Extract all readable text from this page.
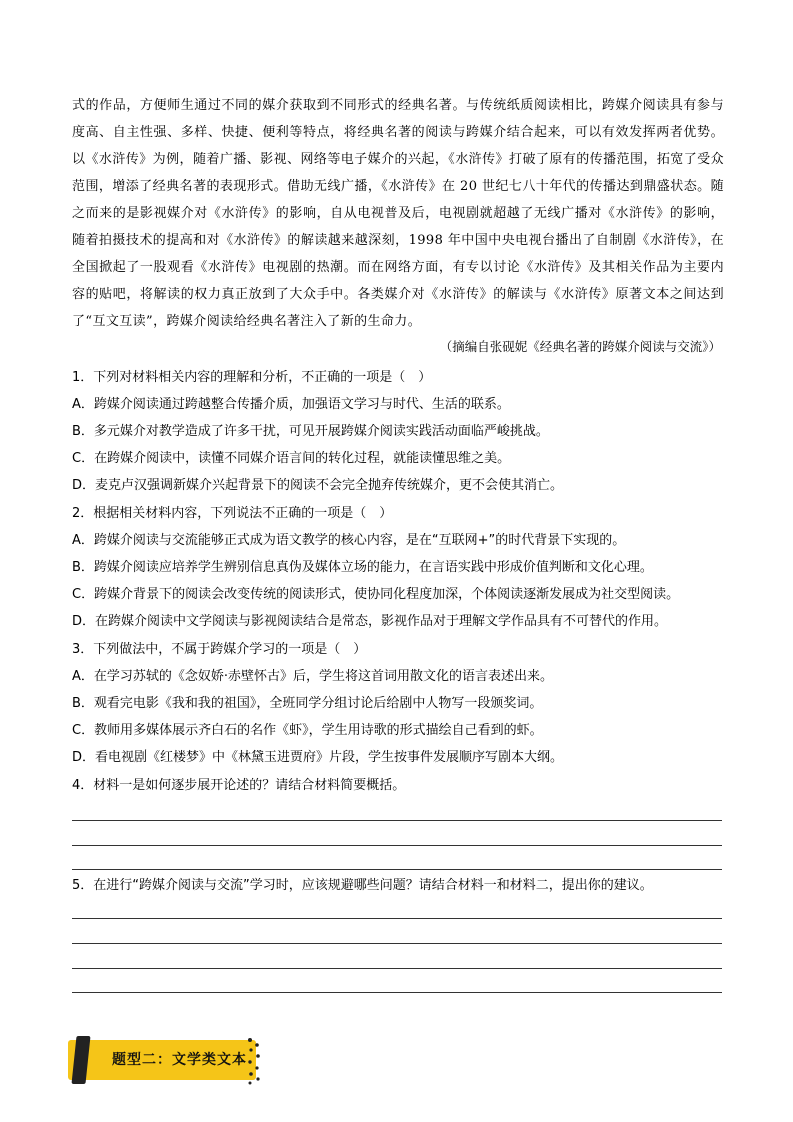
式的作品，方便师生通过不同的媒介获取到不同形式的经典名著。与传统纸质阅读相比，跨媒介阅读具有参与度高、自主性强、多样、快捷、便利等特点，将经典名著的阅读与跨媒介结合起来，可以有效发挥两者优势。以《水浒传》为例，随着广播、影视、网络等电子媒介的兴起，《水浒传》打破了原有的传播范围，拓宽了受众范围，增添了经典名著的表现形式。借助无线广播，《水浒传》在 20 世纪七八十年代的传播达到鼎盛状态。随之而来的是影视媒介对《水浒传》的影响，自从电视普及后，电视剧就超越了无线广播对《水浒传》的影响，随着拍摄技术的提高和对《水浒传》的解读越来越深刻，1998 年中国中央电视台播出了自制剧《水浒传》，在全国掀起了一股观看《水浒传》电视剧的热潮。而在网络方面，有专以讨论《水浒传》及其相关作品为主要内容的贴吧，将解读的权力真正放到了大众手中。各类媒介对《水浒传》的解读与《水浒传》原著文本之间达到了“互文互读”，跨媒介阅读给经典名著注入了新的生命力。

（摘编自张砚妮《经典名著的跨媒介阅读与交流》）
1．下列对材料相关内容的理解和分析，不正确的一项是（　）
A．跨媒介阅读通过跨越整合传播介质，加强语文学习与时代、生活的联系。
B．多元媒介对教学造成了许多干扰，可见开展跨媒介阅读实践活动面临严峻挑战。
C．在跨媒介阅读中，读懂不同媒介语言间的转化过程，就能读懂思维之美。
D．麦克卢汉强调新媒介兴起背景下的阅读不会完全抛弃传统媒介，更不会使其消亡。
2．根据相关材料内容，下列说法不正确的一项是（　）
A．跨媒介阅读与交流能够正式成为语文教学的核心内容，是在“互联网+”的时代背景下实现的。
B．跨媒介阅读应培养学生辨别信息真伪及媒体立场的能力，在言语实践中形成价值判断和文化心理。
C．跨媒介背景下的阅读会改变传统的阅读形式，使协同化程度加深，个体阅读逐渐发展成为社交型阅读。
D．在跨媒介阅读中文学阅读与影视阅读结合是常态，影视作品对于理解文学作品具有不可替代的作用。
3．下列做法中，不属于跨媒介学习的一项是（　）
A．在学习苏轼的《念奴娇·赤壁怀古》后，学生将这首词用散文化的语言表述出来。
B．观看完电影《我和我的祖国》，全班同学分组讨论后给剧中人物写一段颁奖词。
C．教师用多媒体展示齐白石的名作《虾》，学生用诗歌的形式描绘自己看到的虾。
D．看电视剧《红楼梦》中《林黛玉进贾府》片段，学生按事件发展顺序写剧本大纲。
4．材料一是如何逐步展开论述的？请结合材料简要概括。
5．在进行“跨媒介阅读与交流”学习时，应该规避哪些问题？请结合材料一和材料二，提出你的建议。
题型二：文学类文本
